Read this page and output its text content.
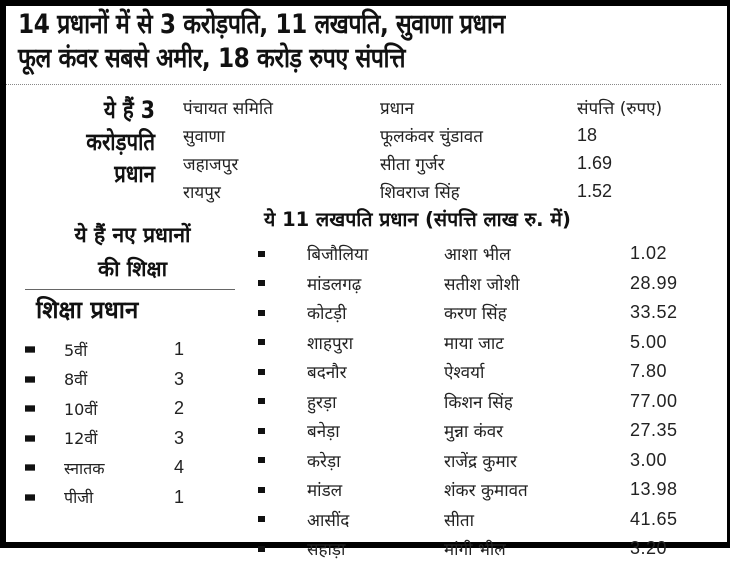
14 प्रधानों में से 3 करोड़पति, 11 लखपति, सुवाणा प्रधान
फूल कंवर सबसे अमीर, 18 करोड़ रुपए संपत्ति
ये हैं 3
करोड़पति
प्रधान
पंचायत समिति	प्रधान	संपत्ति (रुपए)
सुवाणा	फूलकंवर चुंडावत	18
जहाजपुर	सीता गुर्जर	1.69
रायपुर	शिवराज सिंह	1.52
ये हैं नए प्रधानों
की शिक्षा
शिक्षा प्रधान
5वीं	1
8वीं	3
10वीं	2
12वीं	3
स्नातक	4
पीजी	1
ये 11 लखपति प्रधान (संपत्ति लाख रु. में)
बिजौलिया	आशा भील	1.02
मांडलगढ़	सतीश जोशी	28.99
कोटड़ी	करण सिंह	33.52
शाहपुरा	माया जाट	5.00
बदनौर	ऐश्वर्या	7.80
हुरड़ा	किशन सिंह	77.00
बनेड़ा	मुन्ना कंवर	27.35
करेड़ा	राजेंद्र कुमार	3.00
मांडल	शंकर कुमावत	13.98
आसींद	सीता	41.65
सहाड़ा	मांगी भील	3.20
